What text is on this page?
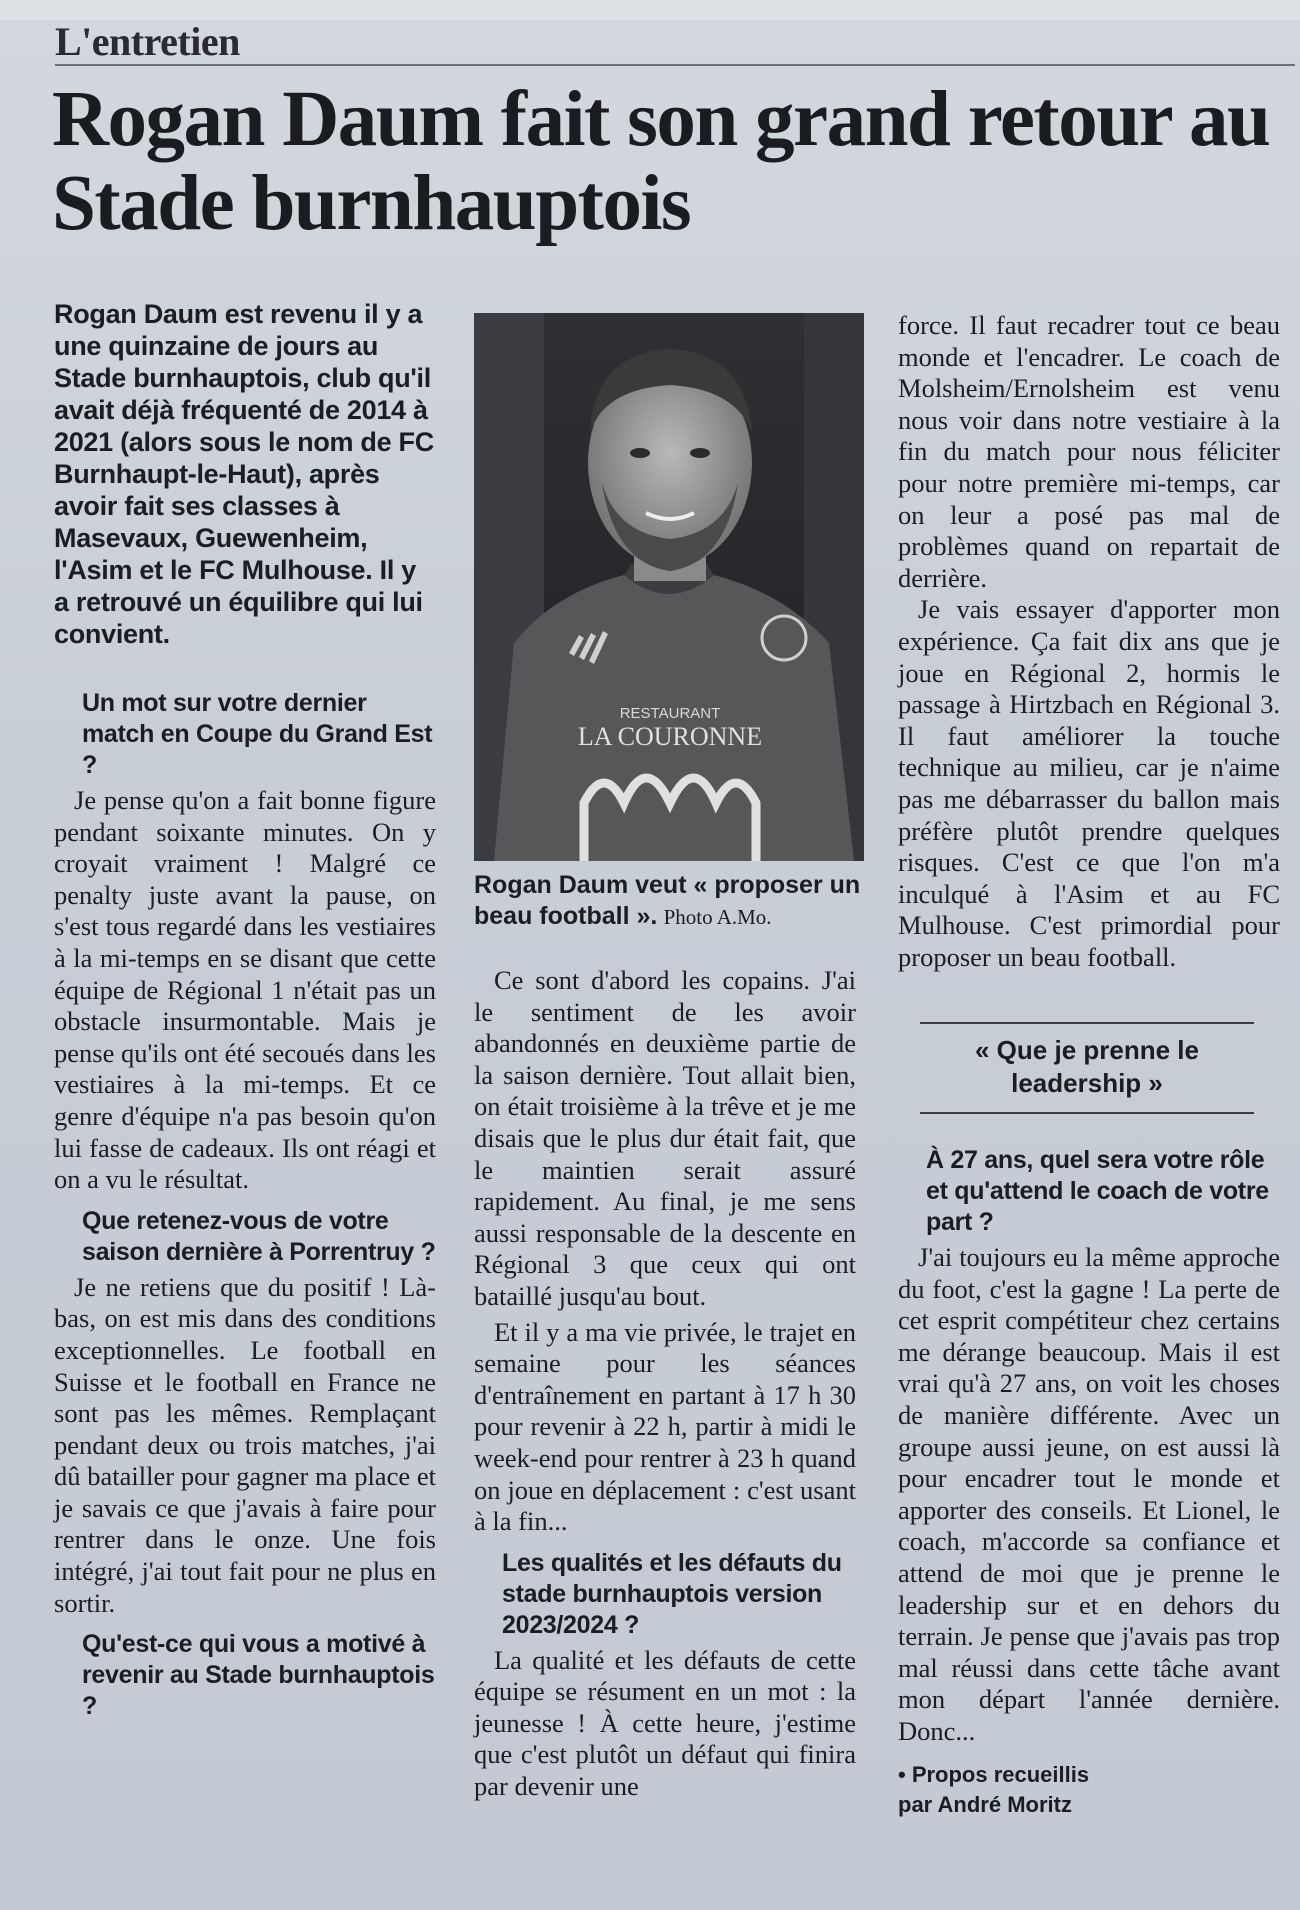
L'entretien
Rogan Daum fait son grand retour au Stade burnhauptois

Rogan Daum est revenu il y a une quinzaine de jours au Stade burnhauptois, club qu'il avait déjà fréquenté de 2014 à 2021 (alors sous le nom de FC Burnhaupt-le-Haut), après avoir fait ses classes à Masevaux, Guewenheim, l'Asim et le FC Mulhouse. Il y a retrouvé un équilibre qui lui convient.

Un mot sur votre dernier match en Coupe du Grand Est ?

Je pense qu'on a fait bonne figure pendant soixante minutes. On y croyait vraiment ! Malgré ce penalty juste avant la pause, on s'est tous regardé dans les vestiaires à la mi-temps en se disant que cette équipe de Régional 1 n'était pas un obstacle insurmontable. Mais je pense qu'ils ont été secoués dans les vestiaires à la mi-temps. Et ce genre d'équipe n'a pas besoin qu'on lui fasse de cadeaux. Ils ont réagi et on a vu le résultat.

Que retenez-vous de votre saison dernière à Porrentruy ?

Je ne retiens que du positif ! Là-bas, on est mis dans des conditions exceptionnelles. Le football en Suisse et le football en France ne sont pas les mêmes. Remplaçant pendant deux ou trois matches, j'ai dû batailler pour gagner ma place et je savais ce que j'avais à faire pour rentrer dans le onze. Une fois intégré, j'ai tout fait pour ne plus en sortir.

Qu'est-ce qui vous a motivé à revenir au Stade burnhauptois ?

RESTAURANT
LA COURONNE
Rogan Daum veut « proposer un beau football ». Photo A.Mo.

Ce sont d'abord les copains. J'ai le sentiment de les avoir abandonnés en deuxième partie de la saison dernière. Tout allait bien, on était troisième à la trêve et je me disais que le plus dur était fait, que le maintien serait assuré rapidement. Au final, je me sens aussi responsable de la descente en Régional 3 que ceux qui ont bataillé jusqu'au bout.

Et il y a ma vie privée, le trajet en semaine pour les séances d'entraînement en partant à 17 h 30 pour revenir à 22 h, partir à midi le week-end pour rentrer à 23 h quand on joue en déplacement : c'est usant à la fin...

Les qualités et les défauts du stade burnhauptois version 2023/2024 ?

La qualité et les défauts de cette équipe se résument en un mot : la jeunesse ! À cette heure, j'estime que c'est plutôt un défaut qui finira par devenir une

force. Il faut recadrer tout ce beau monde et l'encadrer. Le coach de Molsheim/Ernolsheim est venu nous voir dans notre vestiaire à la fin du match pour nous féliciter pour notre première mi-temps, car on leur a posé pas mal de problèmes quand on repartait de derrière.

Je vais essayer d'apporter mon expérience. Ça fait dix ans que je joue en Régional 2, hormis le passage à Hirtzbach en Régional 3. Il faut améliorer la touche technique au milieu, car je n'aime pas me débarrasser du ballon mais préfère plutôt prendre quelques risques. C'est ce que l'on m'a inculqué à l'Asim et au FC Mulhouse. C'est primordial pour proposer un beau football.

« Que je prenne le leadership »

À 27 ans, quel sera votre rôle et qu'attend le coach de votre part ?

J'ai toujours eu la même approche du foot, c'est la gagne ! La perte de cet esprit compétiteur chez certains me dérange beaucoup. Mais il est vrai qu'à 27 ans, on voit les choses de manière différente. Avec un groupe aussi jeune, on est aussi là pour encadrer tout le monde et apporter des conseils. Et Lionel, le coach, m'accorde sa confiance et attend de moi que je prenne le leadership sur et en dehors du terrain. Je pense que j'avais pas trop mal réussi dans cette tâche avant mon départ l'année dernière. Donc...

• Propos recueillis
par André Moritz
